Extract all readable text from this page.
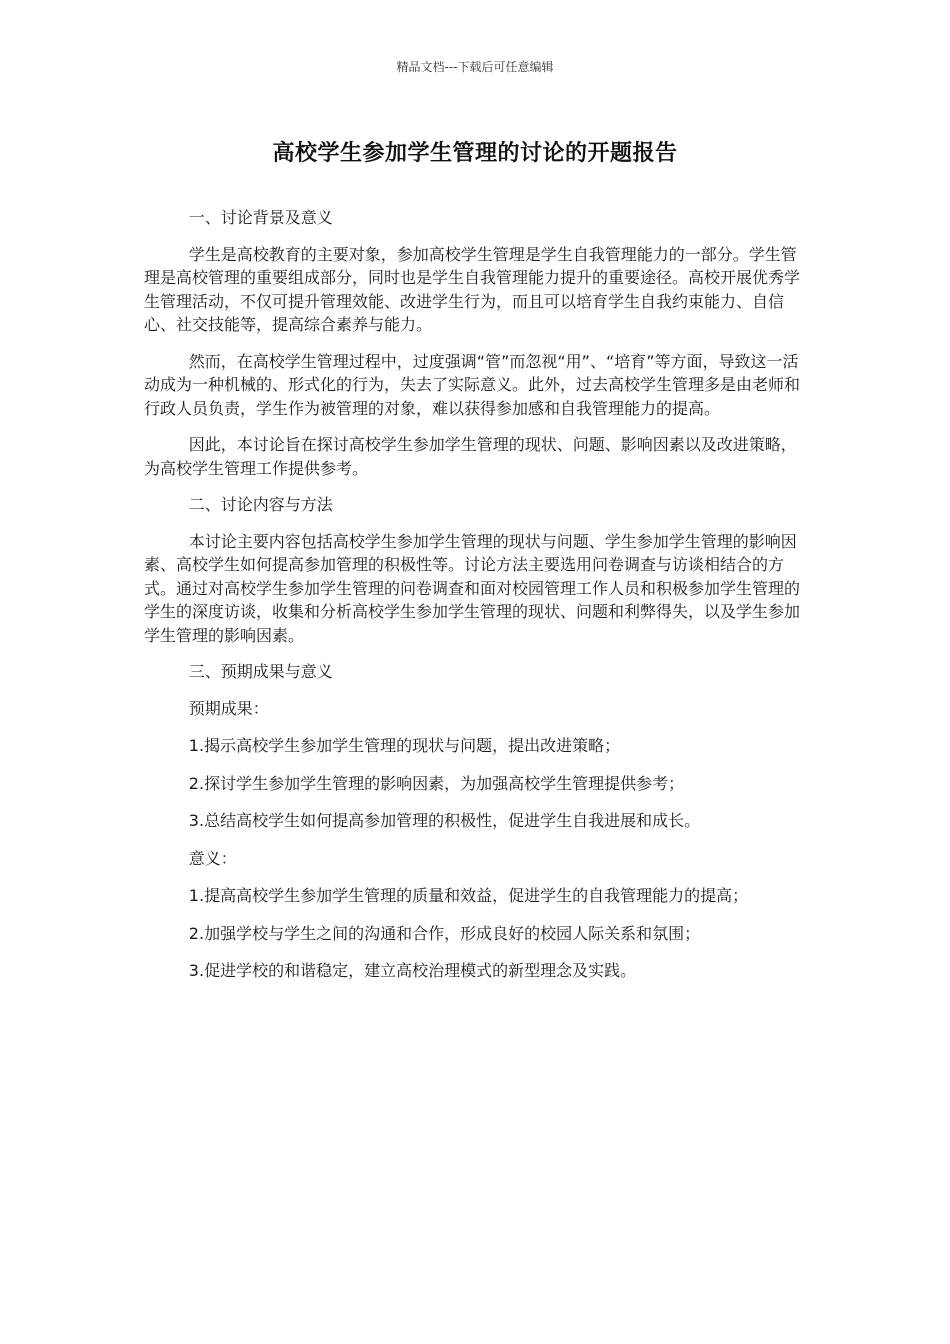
精品文档---下载后可任意编辑
高校学生参加学生管理的讨论的开题报告

一、讨论背景及意义

学生是高校教育的主要对象，参加高校学生管理是学生自我管理能力的一部分。学生管理是高校管理的重要组成部分，同时也是学生自我管理能力提升的重要途径。高校开展优秀学生管理活动，不仅可提升管理效能、改进学生行为，而且可以培育学生自我约束能力、自信心、社交技能等，提高综合素养与能力。

然而，在高校学生管理过程中，过度强调“管”而忽视“用”、“培育”等方面，导致这一活动成为一种机械的、形式化的行为，失去了实际意义。此外，过去高校学生管理多是由老师和行政人员负责，学生作为被管理的对象，难以获得参加感和自我管理能力的提高。

因此，本讨论旨在探讨高校学生参加学生管理的现状、问题、影响因素以及改进策略，为高校学生管理工作提供参考。

二、讨论内容与方法

本讨论主要内容包括高校学生参加学生管理的现状与问题、学生参加学生管理的影响因素、高校学生如何提高参加管理的积极性等。讨论方法主要选用问卷调查与访谈相结合的方式。通过对高校学生参加学生管理的问卷调查和面对校园管理工作人员和积极参加学生管理的学生的深度访谈，收集和分析高校学生参加学生管理的现状、问题和利弊得失，以及学生参加学生管理的影响因素。

三、预期成果与意义

预期成果：

1.揭示高校学生参加学生管理的现状与问题，提出改进策略；

2.探讨学生参加学生管理的影响因素，为加强高校学生管理提供参考；

3.总结高校学生如何提高参加管理的积极性，促进学生自我进展和成长。

意义：

1.提高高校学生参加学生管理的质量和效益，促进学生的自我管理能力的提高；

2.加强学校与学生之间的沟通和合作，形成良好的校园人际关系和氛围；

3.促进学校的和谐稳定，建立高校治理模式的新型理念及实践。
